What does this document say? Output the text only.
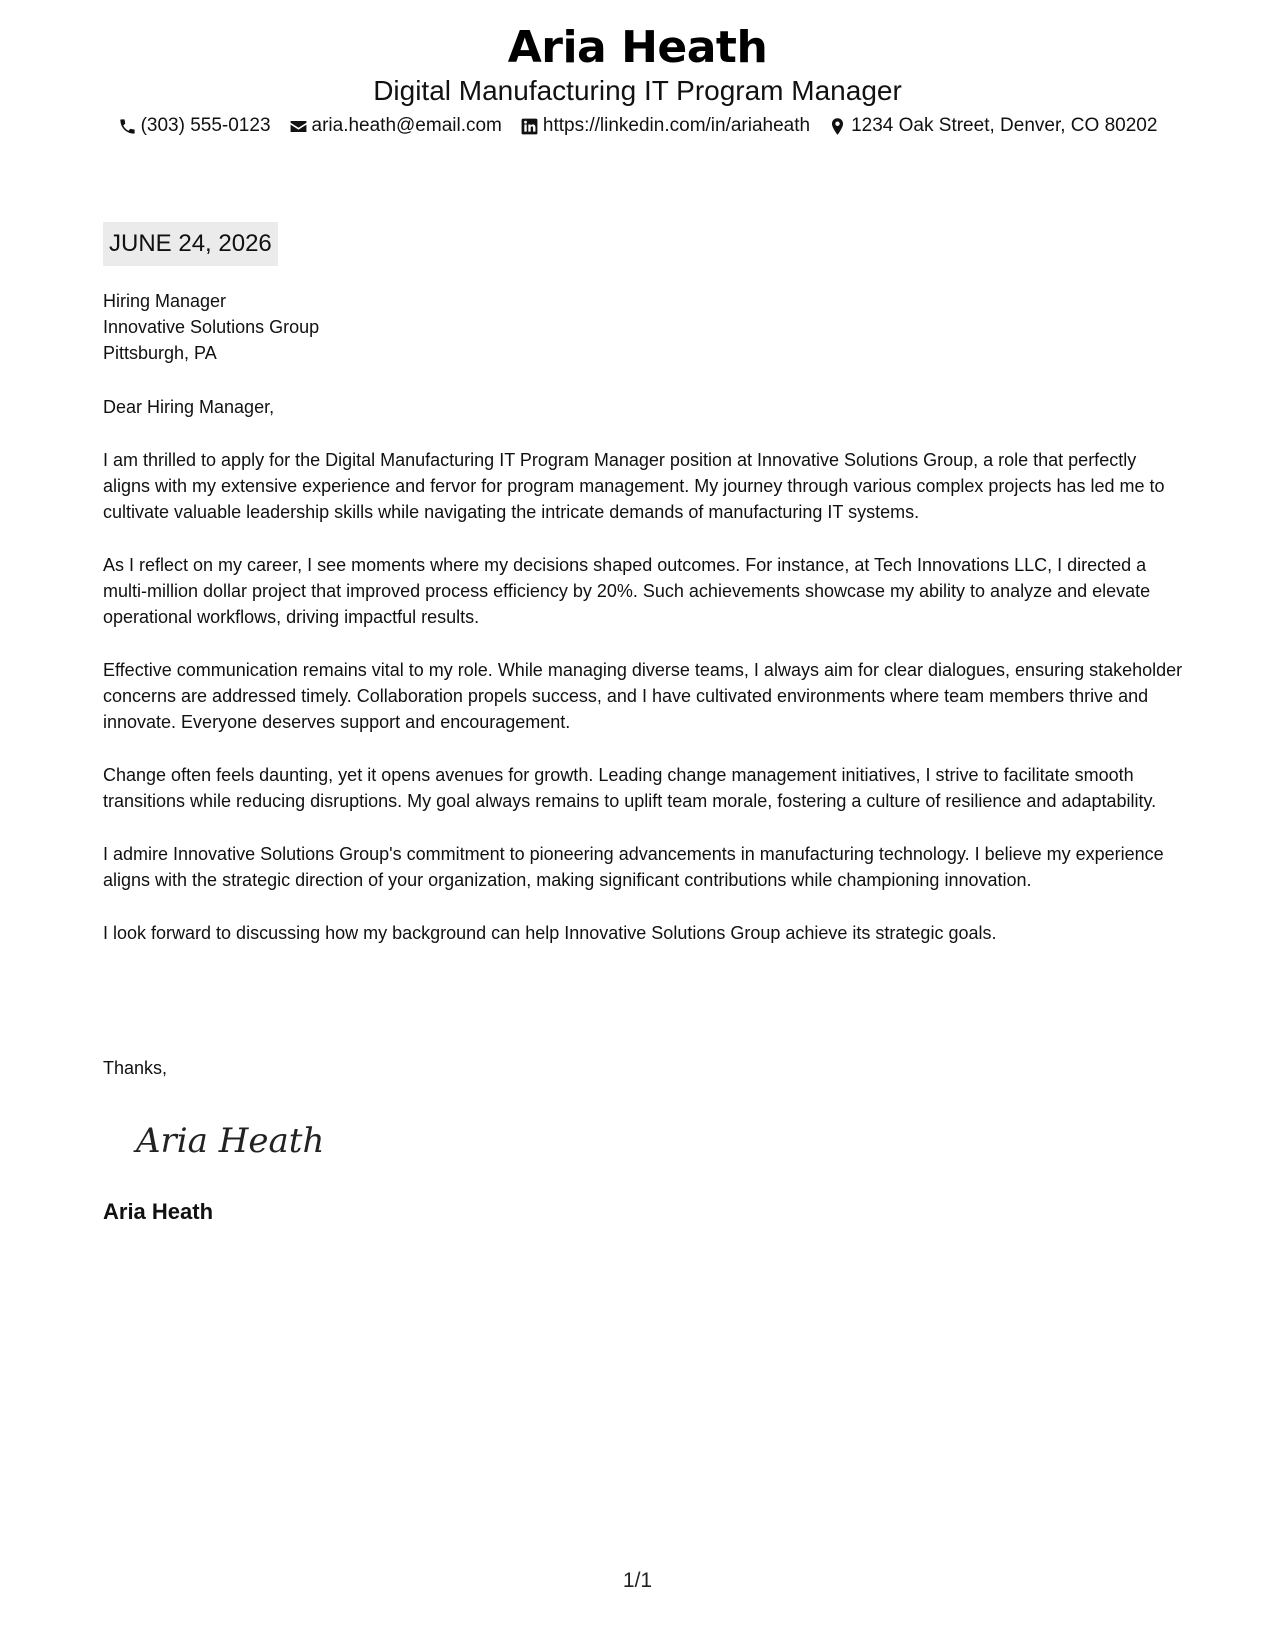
Aria Heath
Digital Manufacturing IT Program Manager
(303) 555-0123 aria.heath@email.com https://linkedin.com/in/ariaheath 1234 Oak Street, Denver, CO 80202
JUNE 24, 2026
Hiring Manager
Innovative Solutions Group
Pittsburgh, PA

Dear Hiring Manager,

I am thrilled to apply for the Digital Manufacturing IT Program Manager position at Innovative Solutions Group, a role that perfectly aligns with my extensive experience and fervor for program management. My journey through various complex projects has led me to cultivate valuable leadership skills while navigating the intricate demands of manufacturing IT systems.

As I reflect on my career, I see moments where my decisions shaped outcomes. For instance, at Tech Innovations LLC, I directed a multi-million dollar project that improved process efficiency by 20%. Such achievements showcase my ability to analyze and elevate operational workflows, driving impactful results.

Effective communication remains vital to my role. While managing diverse teams, I always aim for clear dialogues, ensuring stakeholder concerns are addressed timely. Collaboration propels success, and I have cultivated environments where team members thrive and innovate. Everyone deserves support and encouragement.

Change often feels daunting, yet it opens avenues for growth. Leading change management initiatives, I strive to facilitate smooth transitions while reducing disruptions. My goal always remains to uplift team morale, fostering a culture of resilience and adaptability.

I admire Innovative Solutions Group's commitment to pioneering advancements in manufacturing technology. I believe my experience aligns with the strategic direction of your organization, making significant contributions while championing innovation.

I look forward to discussing how my background can help Innovative Solutions Group achieve its strategic goals.

Thanks,
Aria Heath
Aria Heath
1/1
